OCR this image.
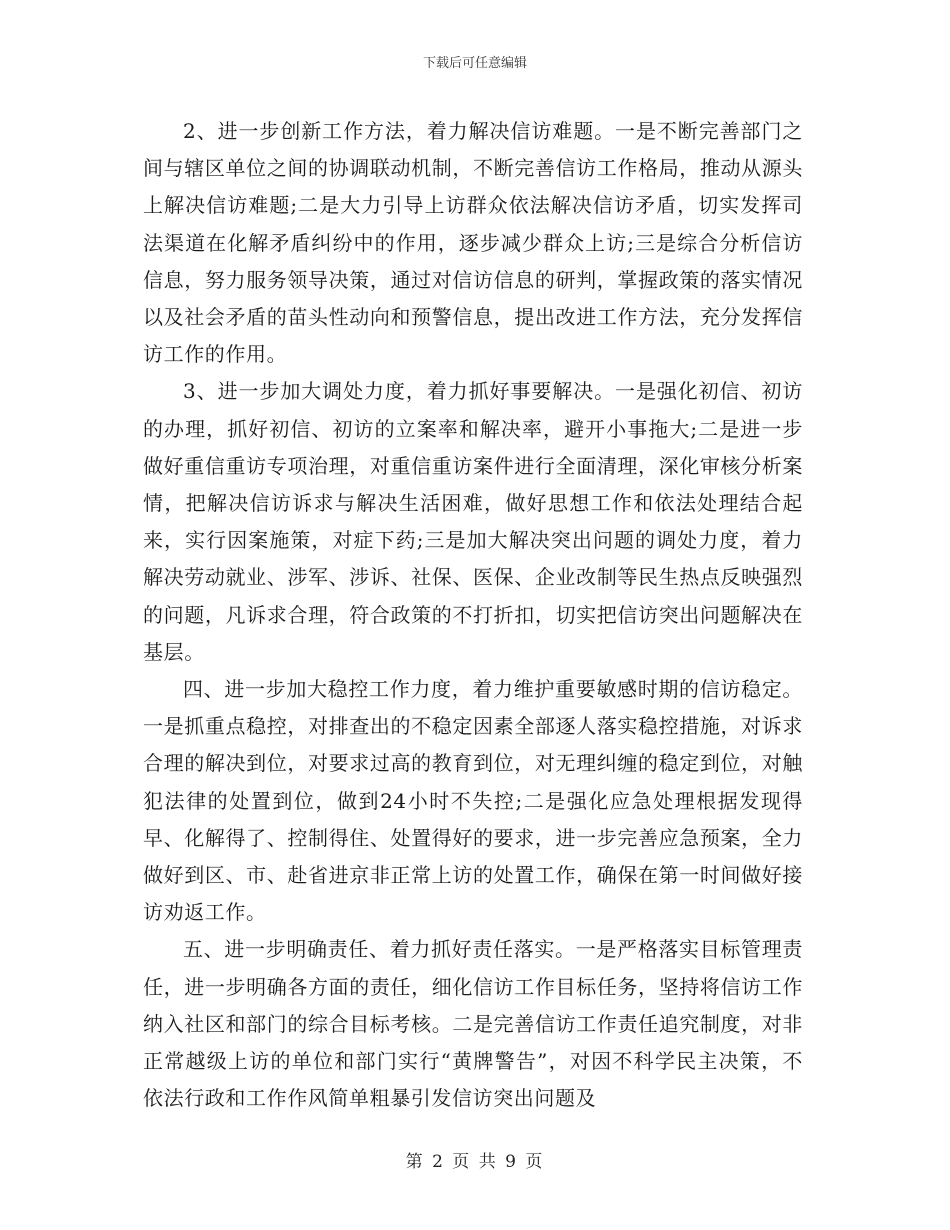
下载后可任意编辑

2、进一步创新工作方法，着力解决信访难题。一是不断完善部门之间与辖区单位之间的协调联动机制，不断完善信访工作格局，推动从源头上解决信访难题;二是大力引导上访群众依法解决信访矛盾，切实发挥司法渠道在化解矛盾纠纷中的作用，逐步减少群众上访;三是综合分析信访信息，努力服务领导决策，通过对信访信息的研判，掌握政策的落实情况以及社会矛盾的苗头性动向和预警信息，提出改进工作方法，充分发挥信访工作的作用。

3、进一步加大调处力度，着力抓好事要解决。一是强化初信、初访的办理，抓好初信、初访的立案率和解决率，避开小事拖大;二是进一步做好重信重访专项治理，对重信重访案件进行全面清理，深化审核分析案情，把解决信访诉求与解决生活困难，做好思想工作和依法处理结合起来，实行因案施策，对症下药;三是加大解决突出问题的调处力度，着力解决劳动就业、涉军、涉诉、社保、医保、企业改制等民生热点反映强烈的问题，凡诉求合理，符合政策的不打折扣，切实把信访突出问题解决在基层。

四、进一步加大稳控工作力度，着力维护重要敏感时期的信访稳定。一是抓重点稳控，对排查出的不稳定因素全部逐人落实稳控措施，对诉求合理的解决到位，对要求过高的教育到位，对无理纠缠的稳定到位，对触犯法律的处置到位，做到24小时不失控;二是强化应急处理根据发现得早、化解得了、控制得住、处置得好的要求，进一步完善应急预案，全力做好到区、市、赴省进京非正常上访的处置工作，确保在第一时间做好接访劝返工作。

五、进一步明确责任、着力抓好责任落实。一是严格落实目标管理责任，进一步明确各方面的责任，细化信访工作目标任务，坚持将信访工作纳入社区和部门的综合目标考核。二是完善信访工作责任追究制度，对非正常越级上访的单位和部门实行“黄牌警告”，对因不科学民主决策，不依法行政和工作作风简单粗暴引发信访突出问题及

第 2 页 共 9 页
